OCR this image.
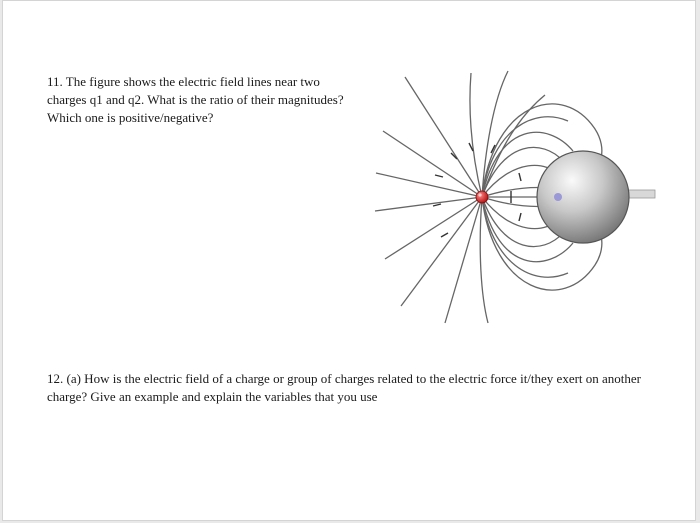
11. The figure shows the electric field lines near two charges q1 and q2. What is the ratio of their magnitudes? Which one is positive/negative?
12. (a) How is the electric field of a charge or group of charges related to the electric force it/they exert on another charge? Give an example and explain the variables that you use
